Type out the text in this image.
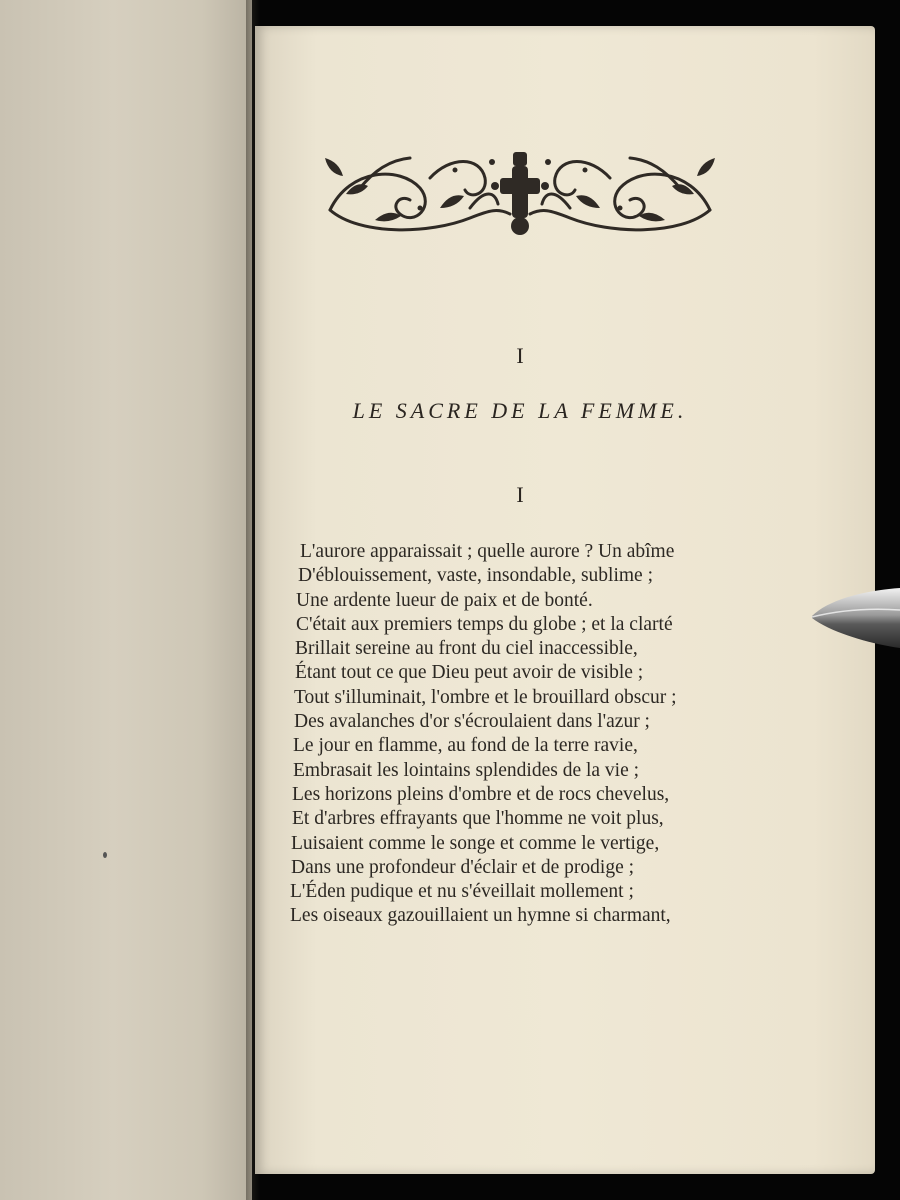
I
LE SACRE DE LA FEMME.
I
L'aurore apparaissait ; quelle aurore ? Un abîme
D'éblouissement, vaste, insondable, sublime ;
Une ardente lueur de paix et de bonté.
C'était aux premiers temps du globe ; et la clarté
Brillait sereine au front du ciel inaccessible,
Étant tout ce que Dieu peut avoir de visible ;
Tout s'illuminait, l'ombre et le brouillard obscur ;
Des avalanches d'or s'écroulaient dans l'azur ;
Le jour en flamme, au fond de la terre ravie,
Embrasait les lointains splendides de la vie ;
Les horizons pleins d'ombre et de rocs chevelus,
Et d'arbres effrayants que l'homme ne voit plus,
Luisaient comme le songe et comme le vertige,
Dans une profondeur d'éclair et de prodige ;
L'Éden pudique et nu s'éveillait mollement ;
Les oiseaux gazouillaient un hymne si charmant,
